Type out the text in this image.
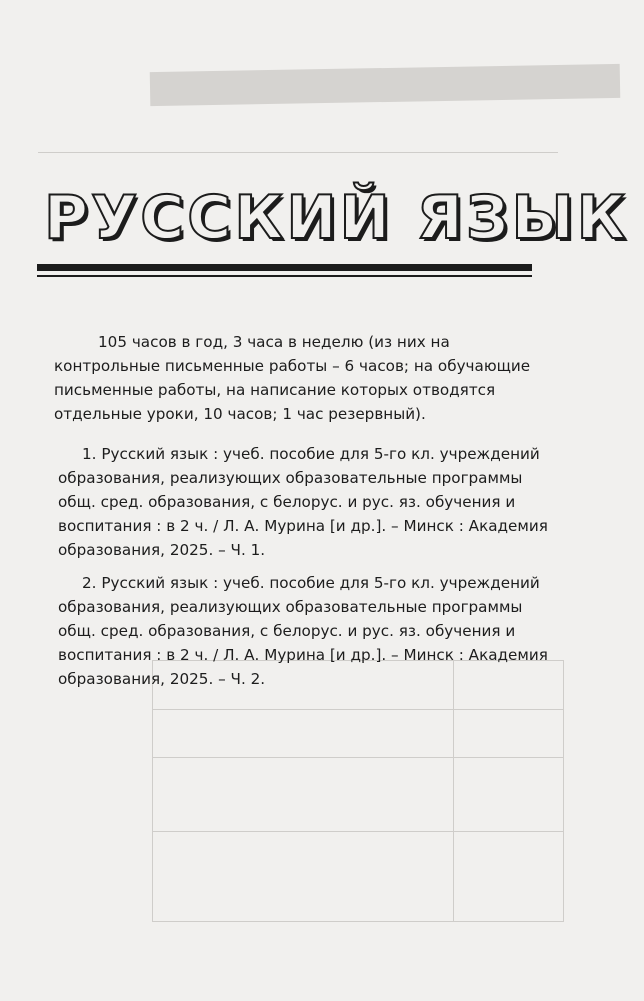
РУССКИЙ ЯЗЫК

105 часов в год, 3 часа в неделю (из них на контрольные письменные работы – 6 часов; на обучающие письменные работы, на написание которых отводятся отдельные уроки, 10 часов; 1 час резервный).

1. Русский язык : учеб. пособие для 5-го кл. учреждений образования, реализующих образовательные программы общ. сред. образования, с белорус. и рус. яз. обучения и воспитания : в 2 ч. / Л. А. Мурина [и др.]. – Минск : Академия образования, 2025. – Ч. 1.

2. Русский язык : учеб. пособие для 5-го кл. учреждений образования, реализующих образовательные программы общ. сред. образования, с белорус. и рус. яз. обучения и воспитания : в 2 ч. / Л. А. Мурина [и др.]. – Минск : Академия образования, 2025. – Ч. 2.
